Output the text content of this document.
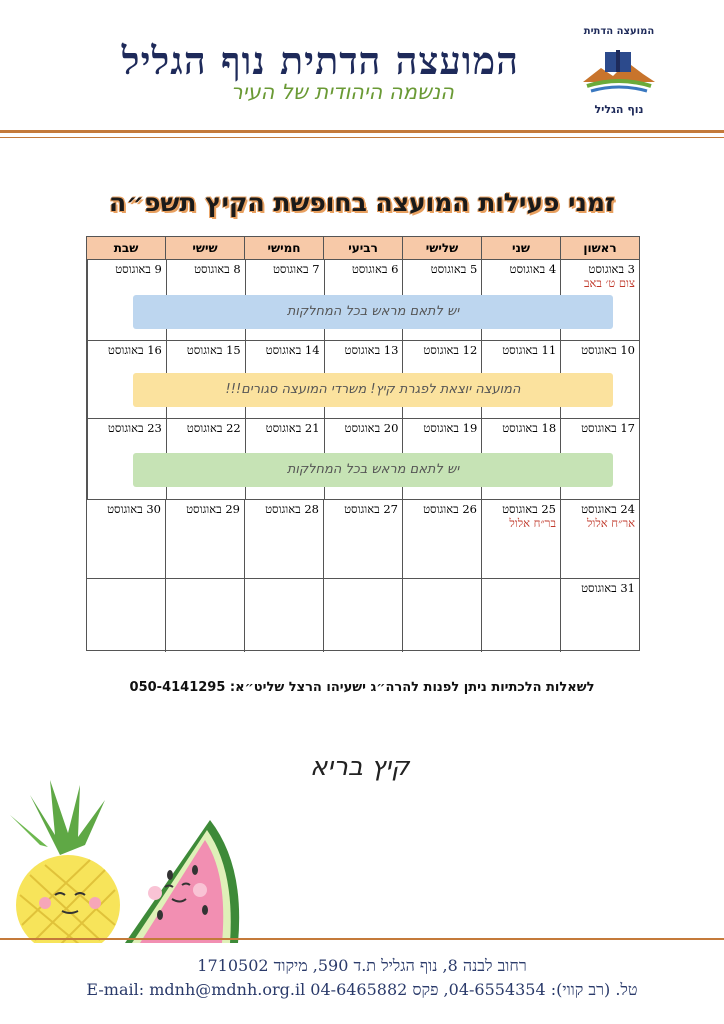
המועצה הדתית נוף הגליל
הנשמה היהודית של העיר
המועצה הדתית
נוף הגליל
זמני פעילות המועצה בחופשת הקיץ תשפ״ה
ראשון
שני
שלישי
רביעי
חמישי
שישי
שבת
3 באוגוסט
צום ט׳ באב
4 באוגוסט
5 באוגוסט
6 באוגוסט
7 באוגוסט
8 באוגוסט
9 באוגוסט
יש לתאם מראש בכל המחלקות
10 באוגוסט
11 באוגוסט
12 באוגוסט
13 באוגוסט
14 באוגוסט
15 באוגוסט
16 באוגוסט
המועצה יוצאת לפגרת קיץ! משרדי המועצה סגורים!!!
17 באוגוסט
18 באוגוסט
19 באוגוסט
20 באוגוסט
21 באוגוסט
22 באוגוסט
23 באוגוסט
יש לתאם מראש בכל המחלקות
24 באוגוסט
אר״ח אלול
25 באוגוסט
בר״ח אלול
26 באוגוסט
27 באוגוסט
28 באוגוסט
29 באוגוסט
30 באוגוסט
31 באוגוסט
לשאלות הלכתיות ניתן לפנות להרה״ג ישעיהו הרצל שליט״א: 050-4141295
קיץ בריא
רחוב לבנה 8, נוף הגליל ת.ד 590, מיקוד 1710502
טל. (רב קווי): 04-6554354, פקס 04-6465882 E-mail: mdnh@mdnh.org.il
